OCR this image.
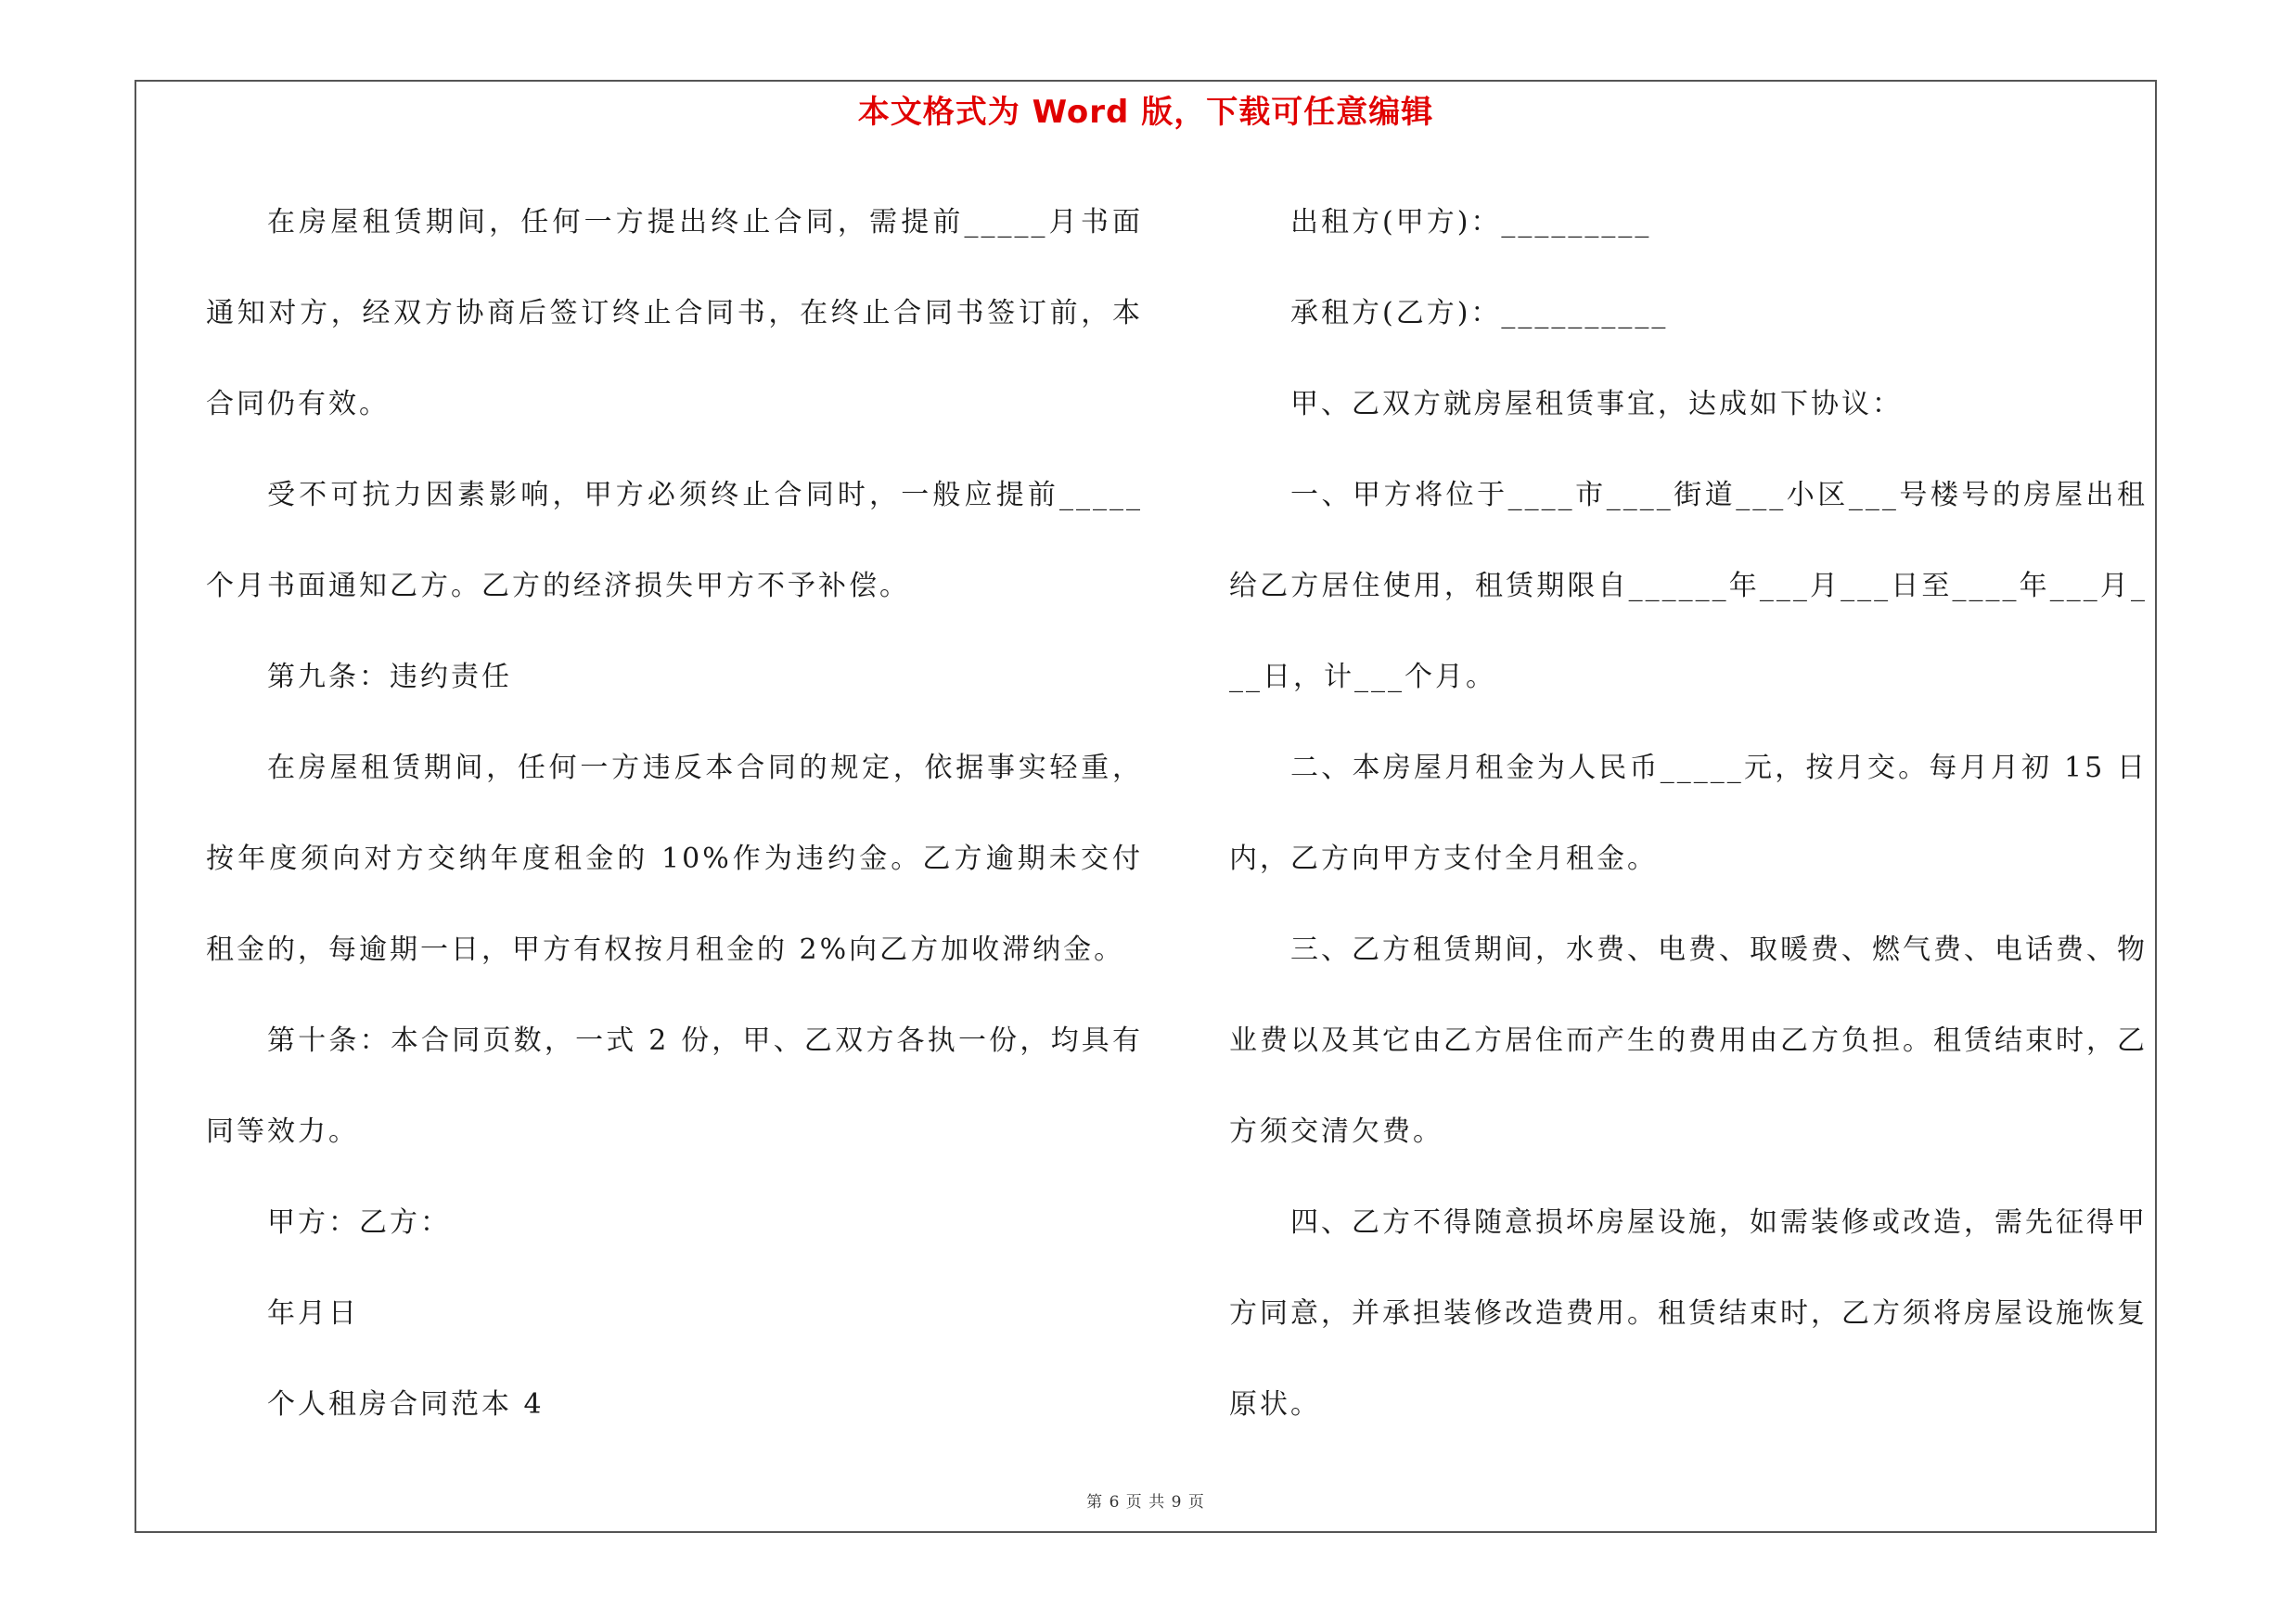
本文格式为 Word 版，下载可任意编辑

在房屋租赁期间，任何一方提出终止合同，需提前_____月书面通知对方，经双方协商后签订终止合同书，在终止合同书签订前，本合同仍有效。

受不可抗力因素影响，甲方必须终止合同时，一般应提前_____个月书面通知乙方。乙方的经济损失甲方不予补偿。

第九条：违约责任

在房屋租赁期间，任何一方违反本合同的规定，依据事实轻重，按年度须向对方交纳年度租金的 10%作为违约金。乙方逾期未交付租金的，每逾期一日，甲方有权按月租金的 2%向乙方加收滞纳金。

第十条：本合同页数，一式 2 份，甲、乙双方各执一份，均具有同等效力。

甲方：乙方：

年月日

个人租房合同范本 4

出租方(甲方)：_________

承租方(乙方)：__________

甲、乙双方就房屋租赁事宜，达成如下协议：

一、甲方将位于____市____街道___小区___号楼号的房屋出租给乙方居住使用，租赁期限自______年___月___日至____年___月___日，计___个月。

二、本房屋月租金为人民币_____元，按月交。每月月初 15 日内，乙方向甲方支付全月租金。

三、乙方租赁期间，水费、电费、取暖费、燃气费、电话费、物业费以及其它由乙方居住而产生的费用由乙方负担。租赁结束时，乙方须交清欠费。

四、乙方不得随意损坏房屋设施，如需装修或改造，需先征得甲方同意，并承担装修改造费用。租赁结束时，乙方须将房屋设施恢复原状。

第 6 页 共 9 页
